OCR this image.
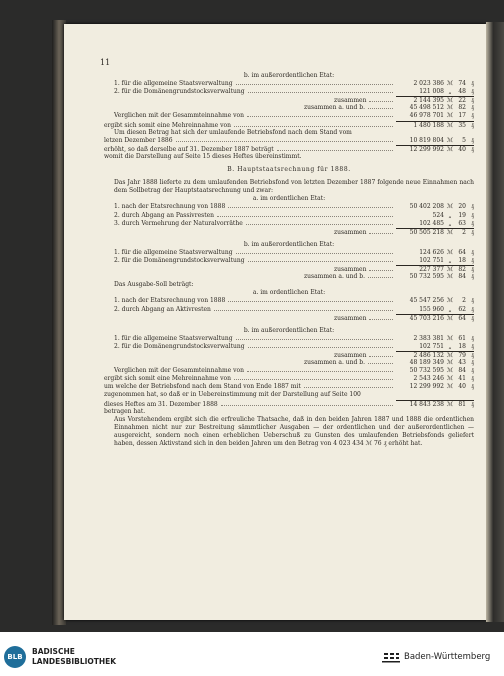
11
b. im außerordentlichen Etat:
1. für die allgemeine Staatsverwaltung	2 023 386 ℳ 74 ₰
2. für die Domänengrundstocksverwaltung	121 008 „	48 ₰
zusammen	2 144 395 ℳ 22 ₰
zusammen a. und b.	45 498 512 ℳ 82 ₰
Verglichen mit der Gesammteinnahme von	46 978 701 ℳ 17 ₰
ergibt sich somit eine Mehreinnahme von	1 480 188 ℳ 35 ₰
Um diesen Betrag hat sich der umlaufende Betriebsfond nach dem Stand vom
letzen Dezember 1886	10 819 804 ℳ	5 ₰
erhöht, so daß derselbe auf 31. Dezember 1887 beträgt	12 299 992 ℳ 40 ₰
womit die Darstellung auf Seite 15 dieses Heftes übereinstimmt.
B. Hauptstaatsrechnung für 1888.
Das Jahr 1888 lieferte zu dem umlaufenden Betriebsfond von letzten Dezember 1887 folgende neue Einnahmen nach dem Sollbetrag der Hauptstaatsrechnung und zwar:
a. im ordentlichen Etat:
1. nach der Etatsrechnung von 1888	50 402 208 ℳ 20 ₰
2. durch Abgang an Passivresten	524 „	19 ₰
3. durch Vermehrung der Naturalvorräthe	102 485 „	63 ₰
zusammen	50 505 218 ℳ	2 ₰
b. im außerordentlichen Etat:
1. für die allgemeine Staatsverwaltung	124 626 ℳ 64 ₰
2. für die Domänengrundstocksverwaltung	102 751 „	18 ₰
zusammen	227 377 ℳ 82 ₰
zusammen a. und b.	50 732 595 ℳ 84 ₰
Das Ausgabe-Soll beträgt:
a. im ordentlichen Etat:
1. nach der Etatsrechnung von 1888	45 547 256 ℳ	2 ₰
2. durch Abgang an Aktivresten	155 960 „	62 ₰
zusammen	45 703 216 ℳ 64 ₰
b. im außerordentlichen Etat:
1. für die allgemeine Staatsverwaltung	2 383 381 ℳ 61 ₰
2. für die Domänengrundstocksverwaltung	102 751 „	18 ₰
zusammen	2 486 132 ℳ 79 ₰
zusammen a. und b.	48 189 349 ℳ 43 ₰
Verglichen mit der Gesammteinnahme von	50 732 595 ℳ 84 ₰
ergibt sich somit eine Mehreinnahme von	2 543 246 ℳ 41 ₰
um welche der Betriebsfond nach dem Stand von Ende 1887 mit	12 299 992 ℳ 40 ₰
zugenommen hat, so daß er in Uebereinstimmung mit der Darstellung auf Seite 100
dieses Heftes am 31. Dezember 1888	14 843 238 ℳ 81 ₰
betragen hat.
Aus Vorstehendem ergibt sich die erfreuliche Thatsache, daß in den beiden Jahren 1887 und 1888 die ordentlichen Einnahmen nicht nur zur Bestreitung sämmtlicher Ausgaben — der ordentlichen und der außerordentlichen — ausgereicht, sondern noch einen erheblichen Ueberschuß zu Gunsten des umlaufenden Betriebsfonds geliefert haben, dessen Aktivstand sich in den beiden Jahren um den Betrag von 4 023 434 ℳ 76 ₰ erhöht hat.
BLB
BADISCHE
LANDESBIBLIOTHEK	Baden-Württemberg
